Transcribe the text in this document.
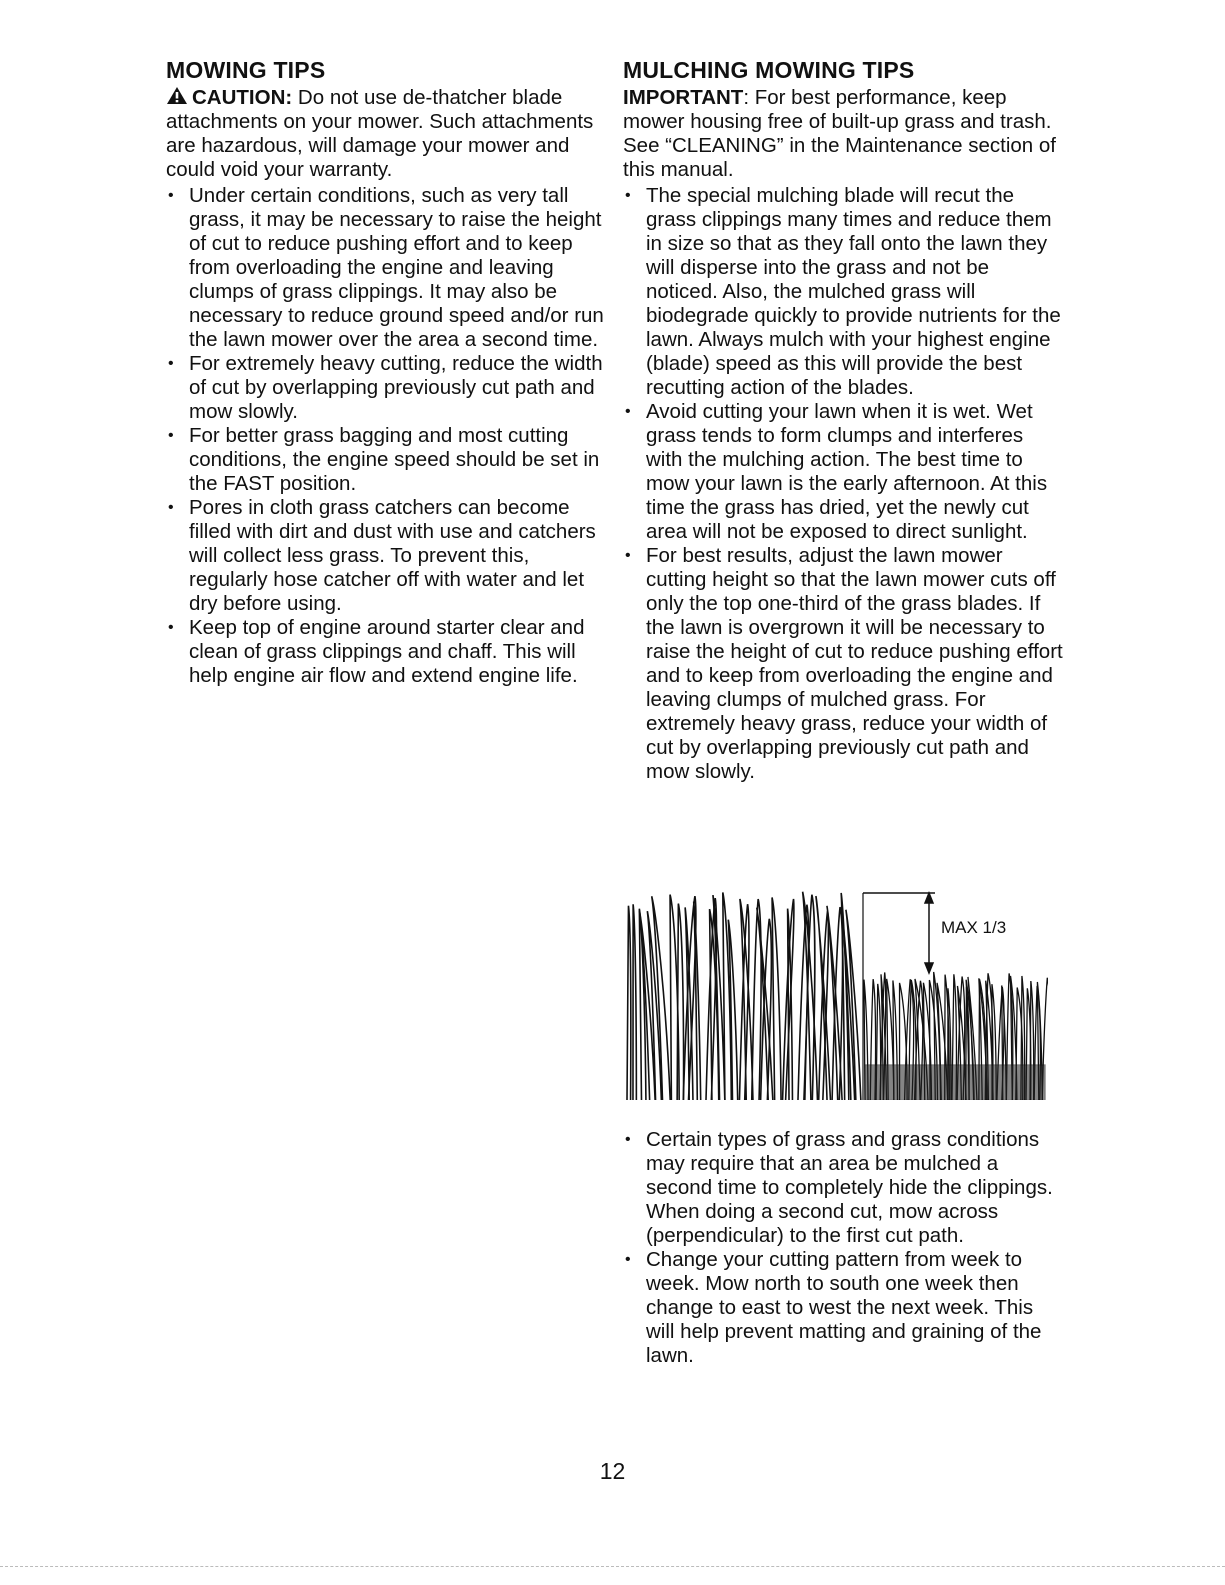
MOWING TIPS

CAUTION: Do not use de-thatcher blade attachments on your mower. Such attachments are hazardous, will damage your mower and could void your warranty.

• Under certain conditions, such as very tall grass, it may be necessary to raise the height of cut to reduce pushing effort and to keep from overloading the engine and leaving clumps of grass clippings. It may also be necessary to reduce ground speed and/or run the lawn mower over the area a second time.
• For extremely heavy cutting, reduce the width of cut by overlapping previously cut path and mow slowly.
• For better grass bagging and most cutting conditions, the engine speed should be set in the FAST position.
• Pores in cloth grass catchers can become filled with dirt and dust with use and catchers will collect less grass. To prevent this, regularly hose catcher off with water and let dry before using.
• Keep top of engine around starter clear and clean of grass clippings and chaff. This will help engine air flow and extend engine life.
MULCHING MOWING TIPS

IMPORTANT: For best performance, keep mower housing free of built-up grass and trash. See “CLEANING” in the Maintenance section of this manual.

• The special mulching blade will recut the grass clippings many times and reduce them in size so that as they fall onto the lawn they will disperse into the grass and not be noticed. Also, the mulched grass will biodegrade quickly to provide nutrients for the lawn. Always mulch with your highest engine (blade) speed as this will provide the best recutting action of the blades.
• Avoid cutting your lawn when it is wet. Wet grass tends to form clumps and interferes with the mulching action. The best time to mow your lawn is the early afternoon. At this time the grass has dried, yet the newly cut area will not be exposed to direct sunlight.
• For best results, adjust the lawn mower cutting height so that the lawn mower cuts off only the top one-third of the grass blades. If the lawn is overgrown it will be necessary to raise the height of cut to reduce pushing effort and to keep from overloading the engine and leaving clumps of mulched grass. For extremely heavy grass, reduce your width of cut by overlapping previously cut path and mow slowly.
MAX 1/3
• Certain types of grass and grass conditions may require that an area be mulched a second time to completely hide the clippings. When doing a second cut, mow across (perpendicular) to the first cut path.
• Change your cutting pattern from week to week. Mow north to south one week then change to east to west the next week. This will help prevent matting and graining of the lawn.
12
